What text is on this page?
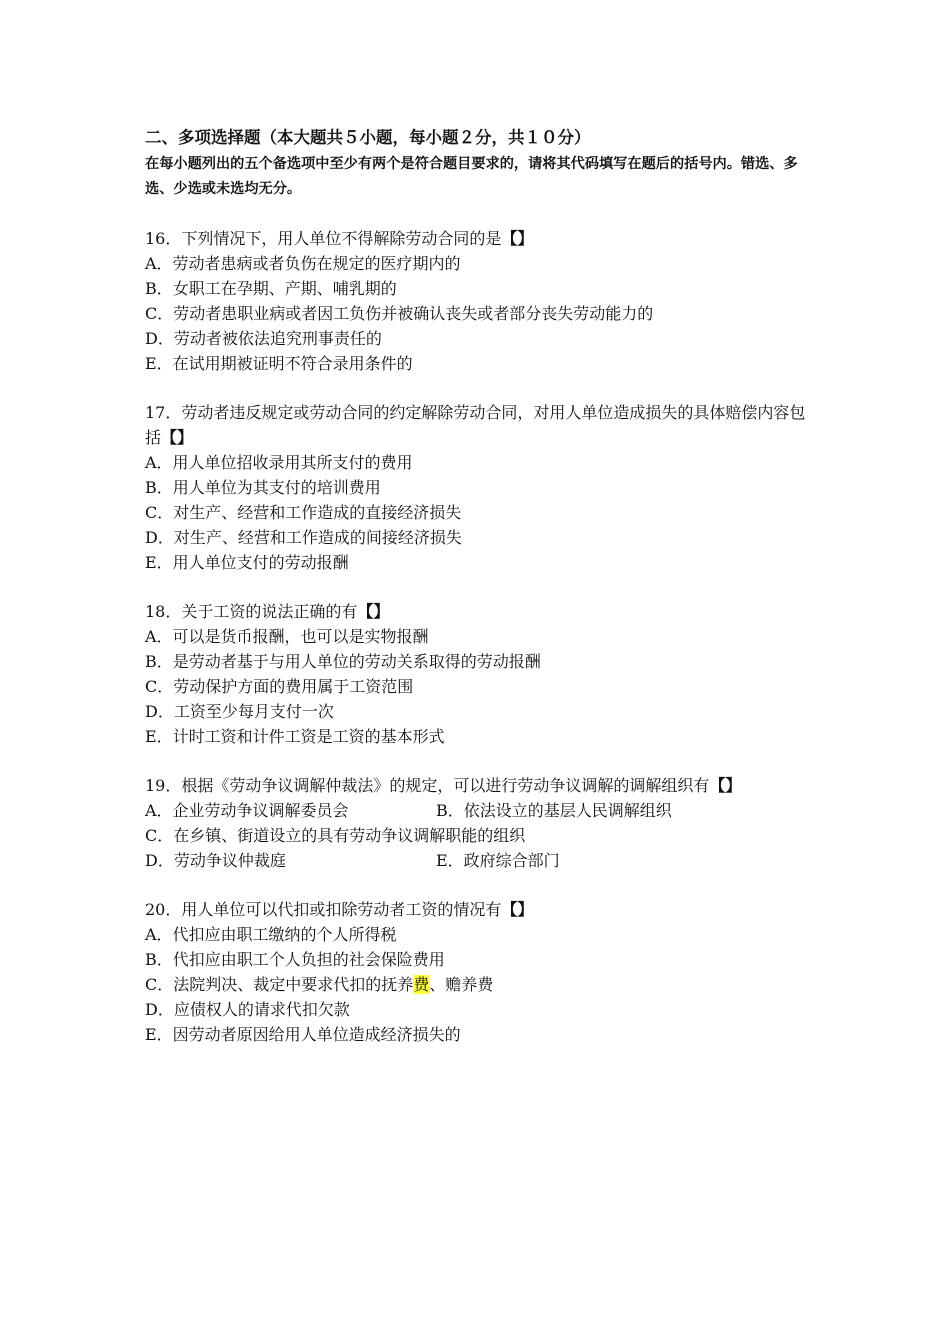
二、多项选择题（本大题共５小题，每小题２分，共１０分）
在每小题列出的五个备选项中至少有两个是符合题目要求的，请将其代码填写在题后的括号内。错选、多选、少选或未选均无分。
16．下列情况下，用人单位不得解除劳动合同的是【】
A．劳动者患病或者负伤在规定的医疗期内的
B．女职工在孕期、产期、哺乳期的
C．劳动者患职业病或者因工负伤并被确认丧失或者部分丧失劳动能力的
D．劳动者被依法追究刑事责任的
E．在试用期被证明不符合录用条件的
17．劳动者违反规定或劳动合同的约定解除劳动合同，对用人单位造成损失的具体赔偿内容包括【】
A．用人单位招收录用其所支付的费用
B．用人单位为其支付的培训费用
C．对生产、经营和工作造成的直接经济损失
D．对生产、经营和工作造成的间接经济损失
E．用人单位支付的劳动报酬
18．关于工资的说法正确的有【】
A．可以是货币报酬，也可以是实物报酬
B．是劳动者基于与用人单位的劳动关系取得的劳动报酬
C．劳动保护方面的费用属于工资范围
D．工资至少每月支付一次
E．计时工资和计件工资是工资的基本形式
19．根据《劳动争议调解仲裁法》的规定，可以进行劳动争议调解的调解组织有【】
A．企业劳动争议调解委员会	B．依法设立的基层人民调解组织
C．在乡镇、街道设立的具有劳动争议调解职能的组织
D．劳动争议仲裁庭	E．政府综合部门
20．用人单位可以代扣或扣除劳动者工资的情况有【】
A．代扣应由职工缴纳的个人所得税
B．代扣应由职工个人负担的社会保险费用
C．法院判决、裁定中要求代扣的抚养费、赡养费
D．应债权人的请求代扣欠款
E．因劳动者原因给用人单位造成经济损失的
